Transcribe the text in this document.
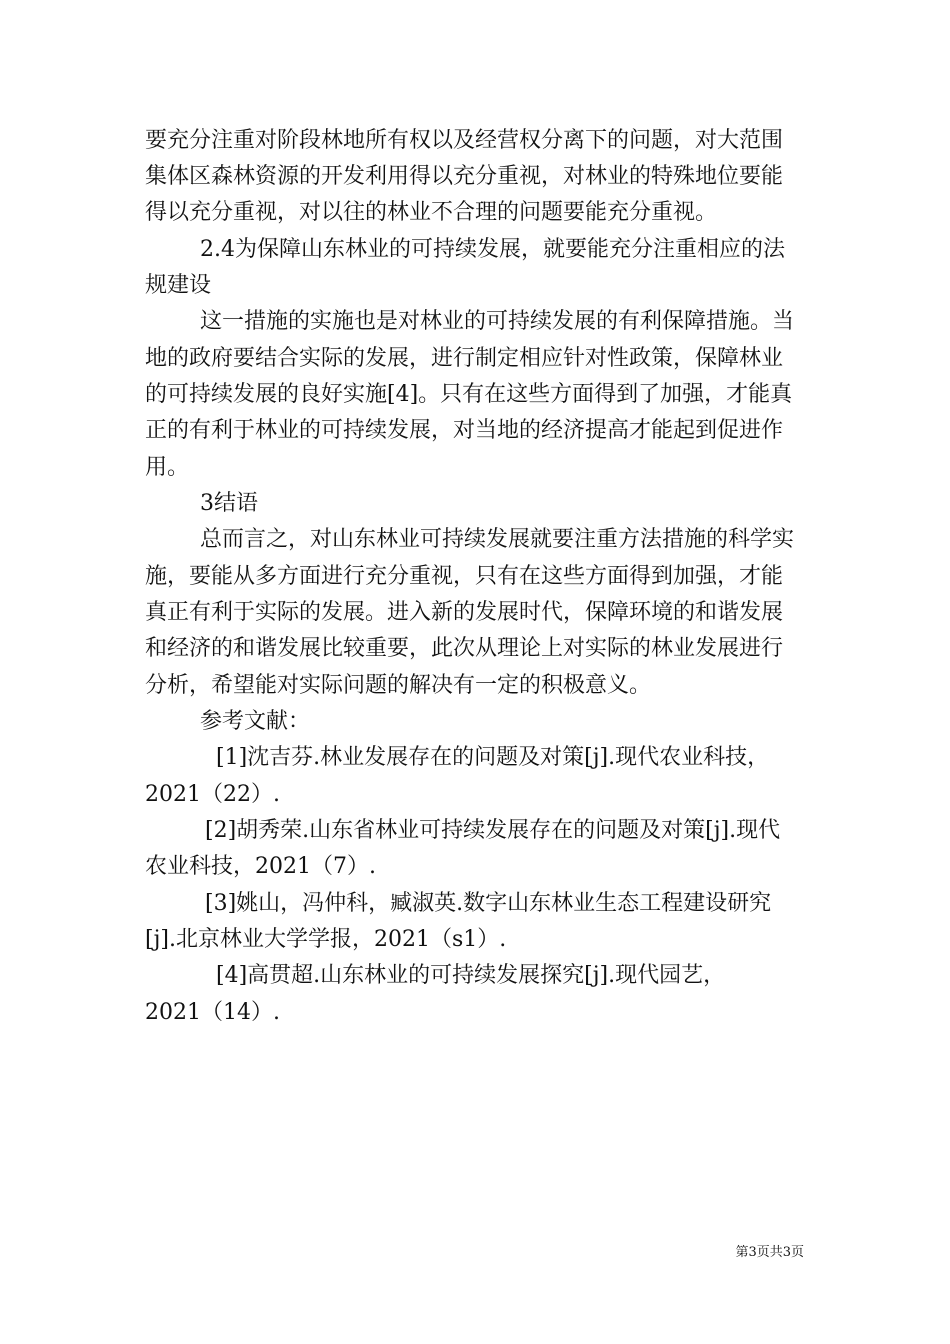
要充分注重对阶段林地所有权以及经营权分离下的问题，对大范围
集体区森林资源的开发利用得以充分重视，对林业的特殊地位要能
得以充分重视，对以往的林业不合理的问题要能充分重视。
2.4为保障山东林业的可持续发展，就要能充分注重相应的法
规建设
这一措施的实施也是对林业的可持续发展的有利保障措施。当
地的政府要结合实际的发展，进行制定相应针对性政策，保障林业
的可持续发展的良好实施[4]。只有在这些方面得到了加强，才能真
正的有利于林业的可持续发展，对当地的经济提高才能起到促进作
用。
3结语
总而言之，对山东林业可持续发展就要注重方法措施的科学实
施，要能从多方面进行充分重视，只有在这些方面得到加强，才能
真正有利于实际的发展。进入新的发展时代，保障环境的和谐发展
和经济的和谐发展比较重要，此次从理论上对实际的林业发展进行
分析，希望能对实际问题的解决有一定的积极意义。
参考文献：
[1]沈吉芬.林业发展存在的问题及对策[j].现代农业科技，
2021（22）.
[2]胡秀荣.山东省林业可持续发展存在的问题及对策[j].现代
农业科技，2021（7）.
[3]姚山，冯仲科，臧淑英.数字山东林业生态工程建设研究
[j].北京林业大学学报，2021（s1）.
[4]高贯超.山东林业的可持续发展探究[j].现代园艺，
2021（14）.
第3页共3页
